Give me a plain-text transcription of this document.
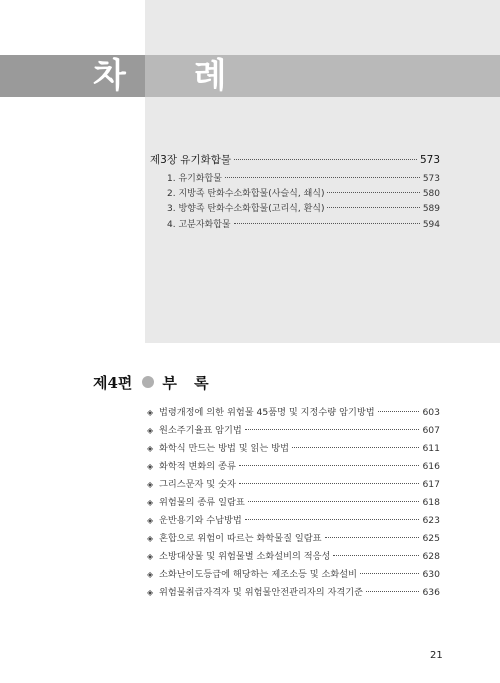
차 례
제3장 유기화합물	573
1. 유기화합물	573
2. 지방족 탄화수소화합물(사슬식, 쇄식)	580
3. 방향족 탄화수소화합물(고리식, 환식)	589
4. 고분자화합물	594
제4편 부 록
◈ 법령개정에 의한 위험물 45품명 및 지정수량 암기방법	603
◈ 원소주기율표 암기법	607
◈ 화학식 만드는 방법 및 읽는 방법	611
◈ 화학적 변화의 종류	616
◈ 그리스문자 및 숫자	617
◈ 위험물의 종류 일람표	618
◈ 운반용기와 수납방법	623
◈ 혼합으로 위험이 따르는 화학물질 일람표	625
◈ 소방대상물 및 위험물별 소화설비의 적응성	628
◈ 소화난이도등급에 해당하는 제조소등 및 소화설비	630
◈ 위험물취급자격자 및 위험물안전관리자의 자격기준	636
21
